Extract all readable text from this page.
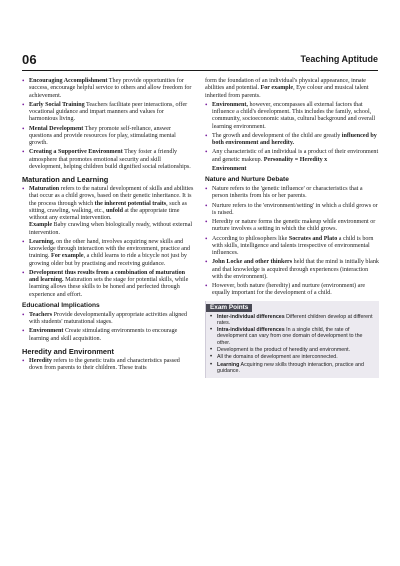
06	Teaching Aptitude
• Encouraging Accomplishment They provide opportunities for success, encourage helpful service to others and allow freedom for achievement.
• Early Social Training Teachers facilitate peer interactions, offer vocational guidance and impart manners and values for harmonious living.
• Mental Development They promote self-reliance, answer questions and provide resources for play, stimulating mental growth.
• Creating a Supportive Environment They foster a friendly atmosphere that promotes emotional security and skill development, helping children build dignified social relationships.
Maturation and Learning
• Maturation refers to the natural development of skills and abilities that occur as a child grows, based on their genetic inheritance. It is the process through which the inherent potential traits, such as sitting, crawling, walking, etc., unfold at the appropriate time without any external intervention.
Example Baby crawling when biologically ready, without external intervention.
• Learning, on the other hand, involves acquiring new skills and knowledge through interaction with the environment, practice and training. For example, a child learns to ride a bicycle not just by growing older but by practising and receiving guidance.
• Development thus results from a combination of maturation and learning. Maturation sets the stage for potential skills, while learning allows these skills to be honed and perfected through experience and effort.
Educational Implications
• Teachers Provide developmentally appropriate activities aligned with students' maturational stages.
• Environment Create stimulating environments to encourage learning and skill acquisition.
Heredity and Environment
• Heredity refers to the genetic traits and characteristics passed down from parents to their children. These traits
form the foundation of an individual's physical appearance, innate abilities and potential. For example, Eye colour and musical talent inherited from parents.
• Environment, however, encompasses all external factors that influence a child's development. This includes the family, school, community, socioeconomic status, cultural background and overall learning environment.
• The growth and development of the child are greatly influenced by both environment and heredity.
• Any characteristic of an individual is a product of their environment and genetic makeup. Personality = Heredity x
Environment
Nature and Nurture Debate
• Nature refers to the 'genetic influence' or characteristics that a person inherits from his or her parents.
• Nurture refers to the 'environment/setting' in which a child grows or is raised.
• Heredity or nature forms the genetic makeup while environment or nurture involves a setting in which the child grows.
• According to philosophers like Socrates and Plato a child is born with skills, intelligence and talents irrespective of environmental influences.
• John Locke and other thinkers held that the mind is initially blank and that knowledge is acquired through experiences (interaction with the environment).
• However, both nature (heredity) and nurture (environment) are equally important for the development of a child.
Exam Points
• Inter-individual differences Different children develop at different rates.
• Intra-individual differences In a single child, the rate of development can vary from one domain of development to the other.
• Development is the product of heredity and environment.
• All the domains of development are interconnected.
• Learning Acquiring new skills through interaction, practice and guidance.
